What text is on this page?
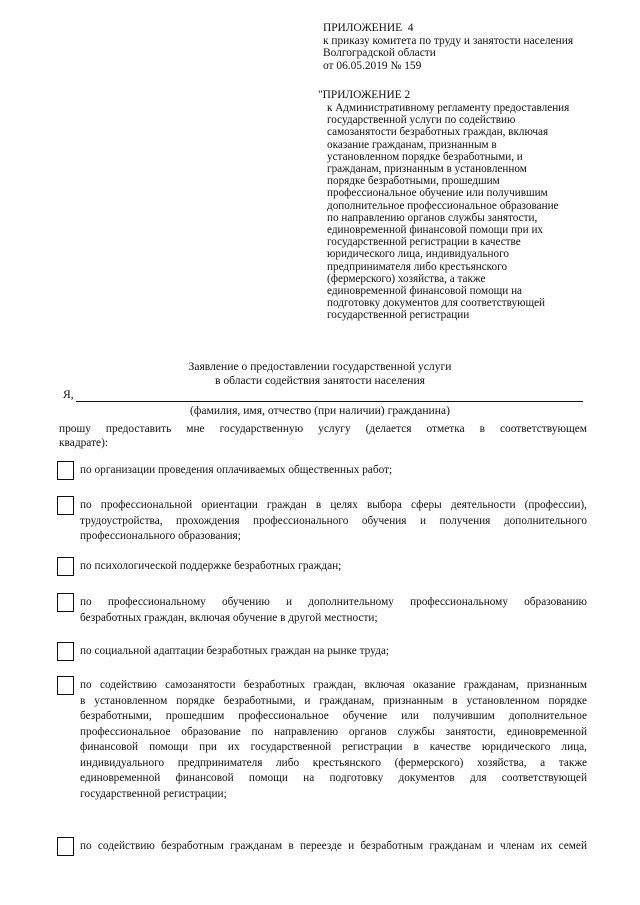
ПРИЛОЖЕНИЕ  4
к приказу комитета по труду и занятости населения
Волгоградской области
от 06.05.2019 № 159
"ПРИЛОЖЕНИЕ 2
к Административному регламенту предоставления
государственной услуги по содействию
самозанятости безработных граждан, включая
оказание гражданам, признанным в
установленном порядке безработными, и
гражданам, признанным в установленном
порядке безработными, прошедшим
профессиональное обучение или получившим
дополнительное профессиональное образование
по направлению органов службы занятости,
единовременной финансовой помощи при их
государственной регистрации в качестве
юридического лица, индивидуального
предпринимателя либо крестьянского
(фермерского) хозяйства, а также
единовременной финансовой помощи на
подготовку документов для соответствующей
государственной регистрации
Заявление о предоставлении государственной услуги
в области содействия занятости населения
Я,
(фамилия, имя, отчество (при наличии) гражданина)
прошу предоставить мне государственную услугу (делается отметка в соответствующем
квадрате):
по организации проведения оплачиваемых общественных работ;
по профессиональной ориентации граждан в целях выбора сферы деятельности (профессии),
трудоустройства, прохождения профессионального обучения и получения дополнительного
профессионального образования;
по психологической поддержке безработных граждан;
по профессиональному обучению и дополнительному профессиональному образованию
безработных граждан, включая обучение в другой местности;
по социальной адаптации безработных граждан на рынке труда;
по содействию самозанятости безработных граждан, включая оказание гражданам, признанным
в установленном порядке безработными, и гражданам, признанным в установленном порядке
безработными, прошедшим профессиональное обучение или получившим дополнительное
профессиональное образование по направлению органов службы занятости, единовременной
финансовой помощи при их государственной регистрации в качестве юридического лица,
индивидуального предпринимателя либо крестьянского (фермерского) хозяйства, а также
единовременной финансовой помощи на подготовку документов для соответствующей
государственной регистрации;
по содействию безработным гражданам в переезде и безработным гражданам и членам их семей
